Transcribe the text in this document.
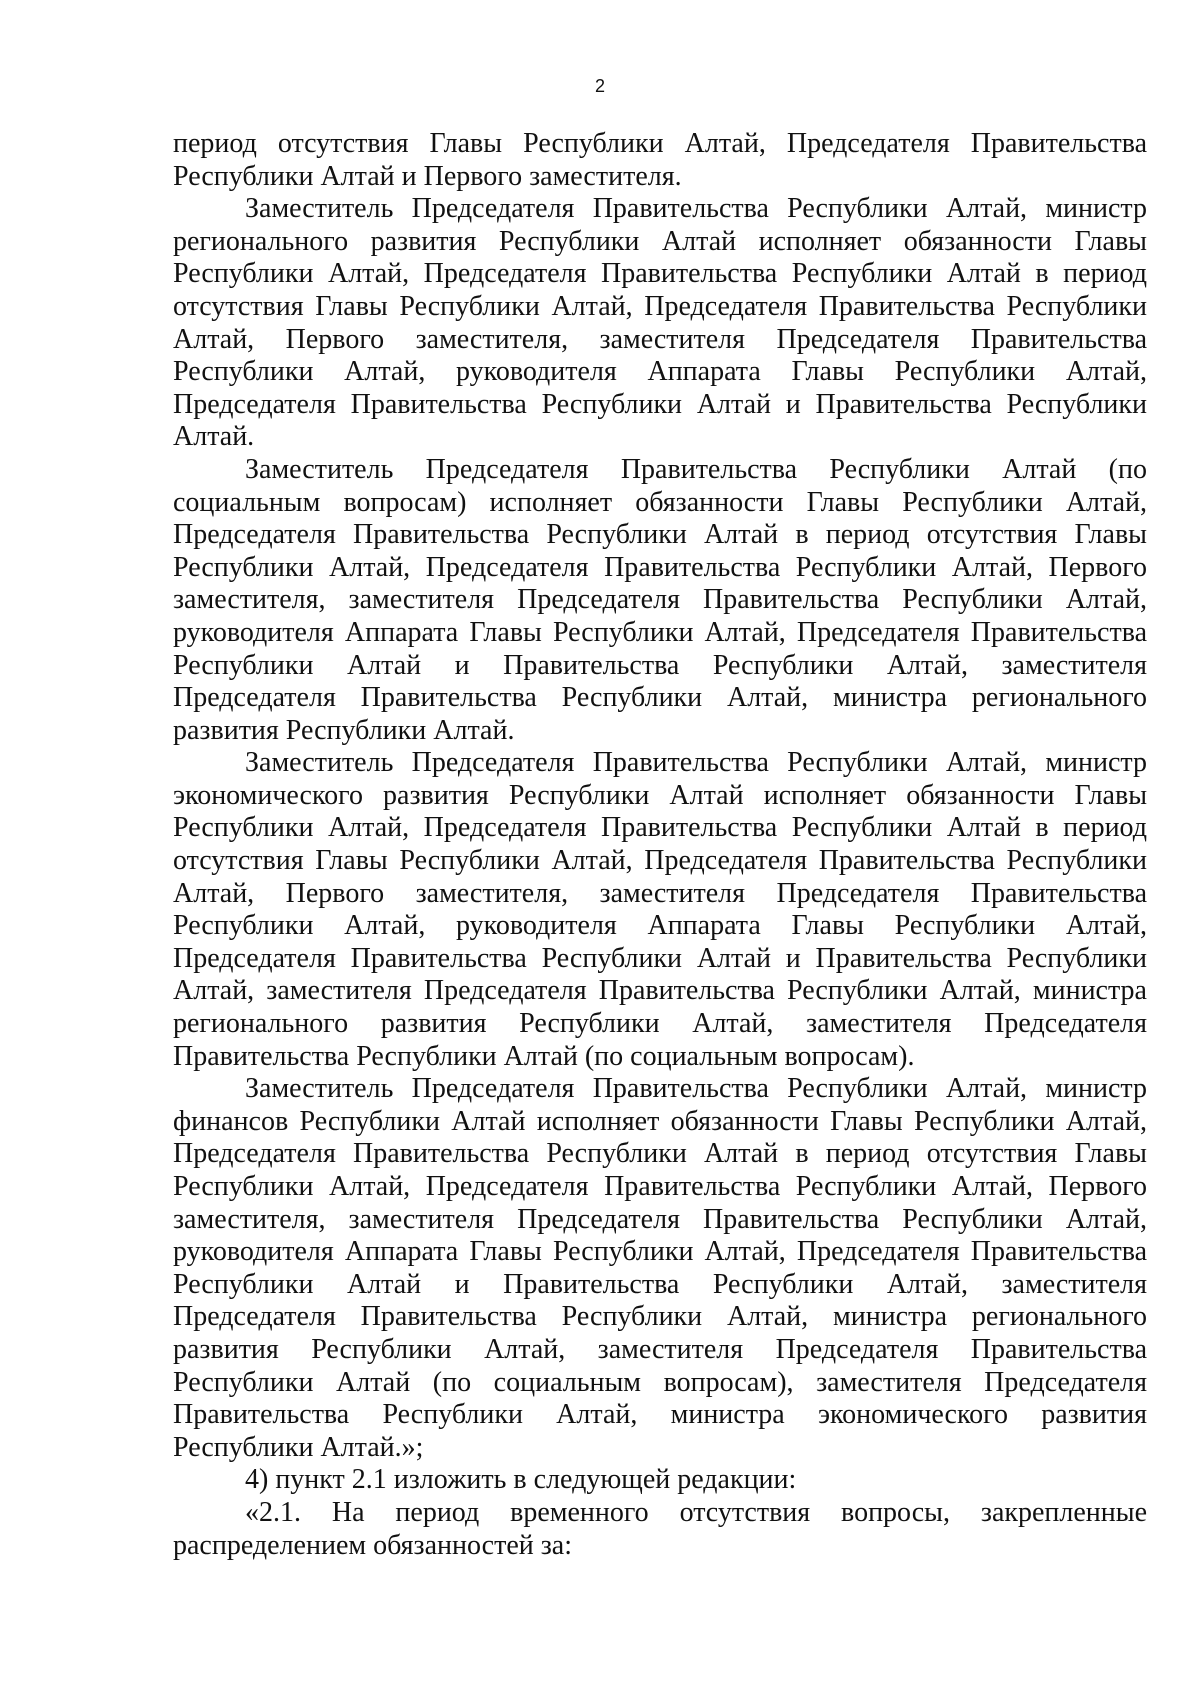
2

период отсутствия Главы Республики Алтай, Председателя Правительства Республики Алтай и Первого заместителя.

Заместитель Председателя Правительства Республики Алтай, министр регионального развития Республики Алтай исполняет обязанности Главы Республики Алтай, Председателя Правительства Республики Алтай в период отсутствия Главы Республики Алтай, Председателя Правительства Республики Алтай, Первого заместителя, заместителя Председателя Правительства Республики Алтай, руководителя Аппарата Главы Республики Алтай, Председателя Правительства Республики Алтай и Правительства Республики Алтай.

Заместитель Председателя Правительства Республики Алтай (по социальным вопросам) исполняет обязанности Главы Республики Алтай, Председателя Правительства Республики Алтай в период отсутствия Главы Республики Алтай, Председателя Правительства Республики Алтай, Первого заместителя, заместителя Председателя Правительства Республики Алтай, руководителя Аппарата Главы Республики Алтай, Председателя Правительства Республики Алтай и Правительства Республики Алтай, заместителя Председателя Правительства Республики Алтай, министра регионального развития Республики Алтай.

Заместитель Председателя Правительства Республики Алтай, министр экономического развития Республики Алтай исполняет обязанности Главы Республики Алтай, Председателя Правительства Республики Алтай в период отсутствия Главы Республики Алтай, Председателя Правительства Республики Алтай, Первого заместителя, заместителя Председателя Правительства Республики Алтай, руководителя Аппарата Главы Республики Алтай, Председателя Правительства Республики Алтай и Правительства Республики Алтай, заместителя Председателя Правительства Республики Алтай, министра регионального развития Республики Алтай, заместителя Председателя Правительства Республики Алтай (по социальным вопросам).

Заместитель Председателя Правительства Республики Алтай, министр финансов Республики Алтай исполняет обязанности Главы Республики Алтай, Председателя Правительства Республики Алтай в период отсутствия Главы Республики Алтай, Председателя Правительства Республики Алтай, Первого заместителя, заместителя Председателя Правительства Республики Алтай, руководителя Аппарата Главы Республики Алтай, Председателя Правительства Республики Алтай и Правительства Республики Алтай, заместителя Председателя Правительства Республики Алтай, министра регионального развития Республики Алтай, заместителя Председателя Правительства Республики Алтай (по социальным вопросам), заместителя Председателя Правительства Республики Алтай, министра экономического развития Республики Алтай.»;

4) пункт 2.1 изложить в следующей редакции:

«2.1. На период временного отсутствия вопросы, закрепленные распределением обязанностей за:
